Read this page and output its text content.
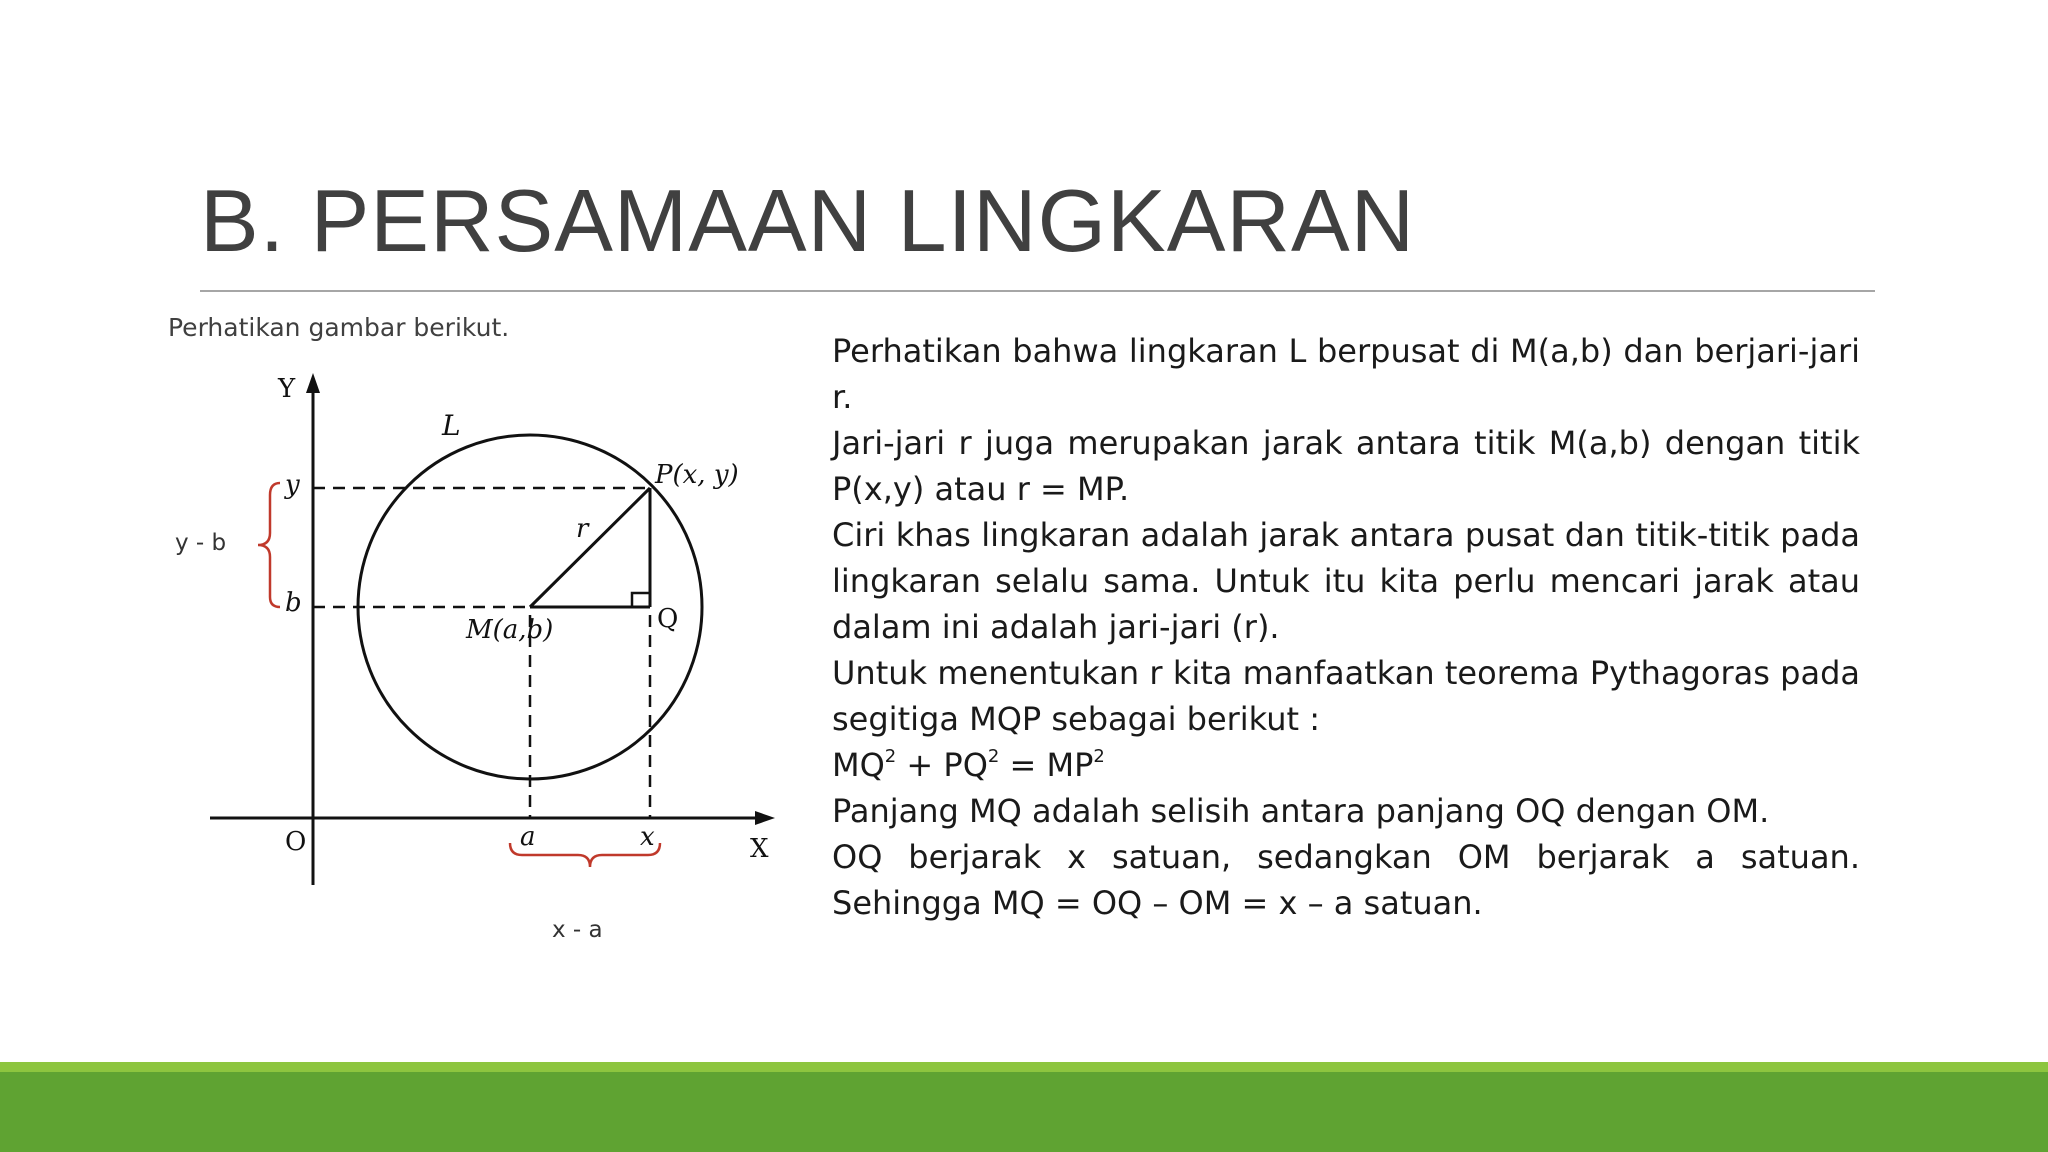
B. PERSAMAAN LINGKARAN
Y
X
O
L
P(x, y)
M(a,b)	Q
r
y
b
a	x
y - b
x - a
Perhatikan gambar berikut.

Perhatikan bahwa lingkaran L berpusat di M(a,b) dan berjari-jari r.

Jari-jari r juga merupakan jarak antara titik M(a,b) dengan titik P(x,y) atau r = MP.

Ciri khas lingkaran adalah jarak antara pusat dan titik-titik pada lingkaran selalu sama. Untuk itu kita perlu mencari jarak atau dalam ini adalah jari-jari (r).

Untuk menentukan r kita manfaatkan teorema Pythagoras pada segitiga MQP sebagai berikut :

$MQ^2 + PQ^2 = MP^2$

Panjang MQ adalah selisih antara panjang OQ dengan OM.

OQ berjarak x satuan, sedangkan OM berjarak a satuan. Sehingga MQ = OQ – OM = x – a satuan.
